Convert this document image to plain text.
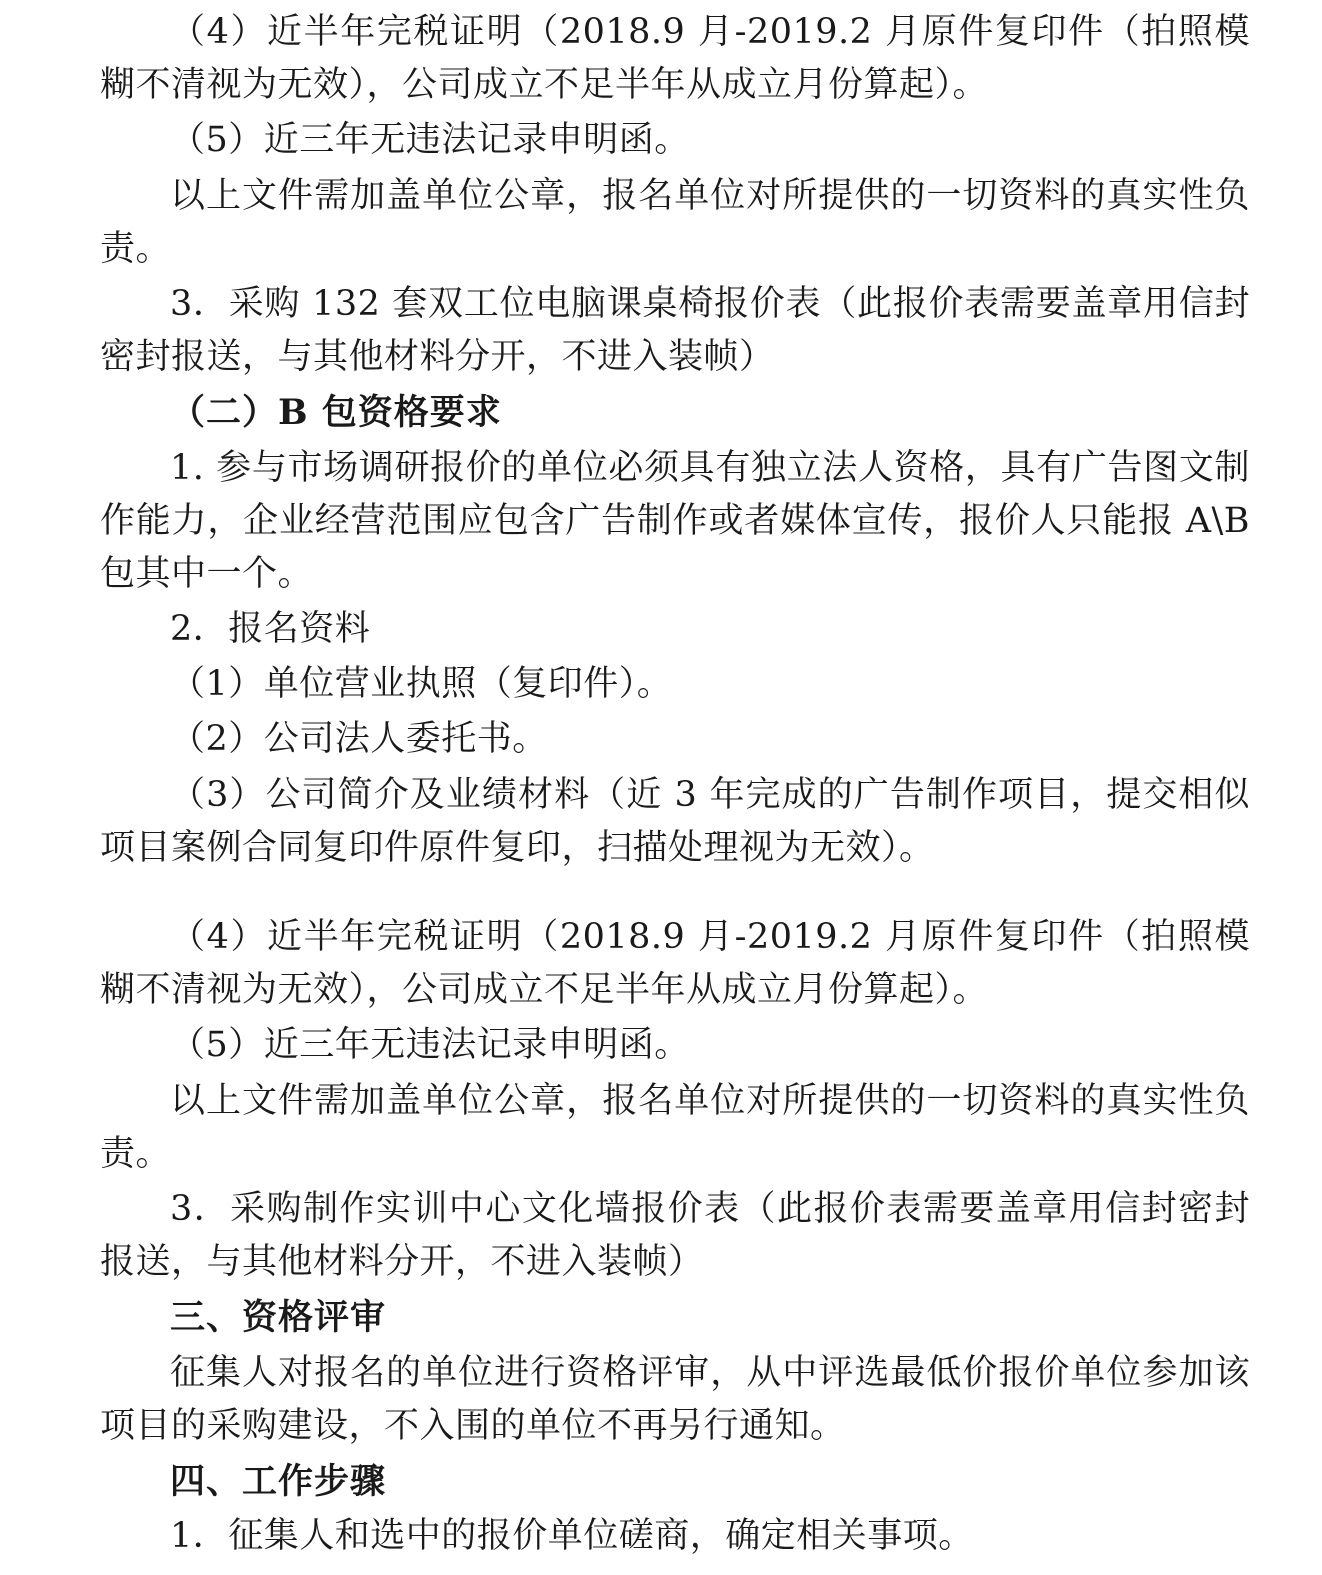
（4）近半年完税证明（2018.9 月-2019.2 月原件复印件（拍照模糊不清视为无效），公司成立不足半年从成立月份算起）。

（5）近三年无违法记录申明函。

以上文件需加盖单位公章，报名单位对所提供的一切资料的真实性负责。

3．采购 132 套双工位电脑课桌椅报价表（此报价表需要盖章用信封密封报送，与其他材料分开，不进入装帧）

（二）B 包资格要求

1. 参与市场调研报价的单位必须具有独立法人资格，具有广告图文制作能力，企业经营范围应包含广告制作或者媒体宣传，报价人只能报 A\B 包其中一个。

2．报名资料

（1）单位营业执照（复印件）。

（2）公司法人委托书。

（3）公司简介及业绩材料（近 3 年完成的广告制作项目，提交相似项目案例合同复印件原件复印，扫描处理视为无效）。

（4）近半年完税证明（2018.9 月-2019.2 月原件复印件（拍照模糊不清视为无效），公司成立不足半年从成立月份算起）。

（5）近三年无违法记录申明函。

以上文件需加盖单位公章，报名单位对所提供的一切资料的真实性负责。

3．采购制作实训中心文化墙报价表（此报价表需要盖章用信封密封报送，与其他材料分开，不进入装帧）

三、资格评审

征集人对报名的单位进行资格评审，从中评选最低价报价单位参加该项目的采购建设，不入围的单位不再另行通知。

四、工作步骤

1．征集人和选中的报价单位磋商，确定相关事项。
